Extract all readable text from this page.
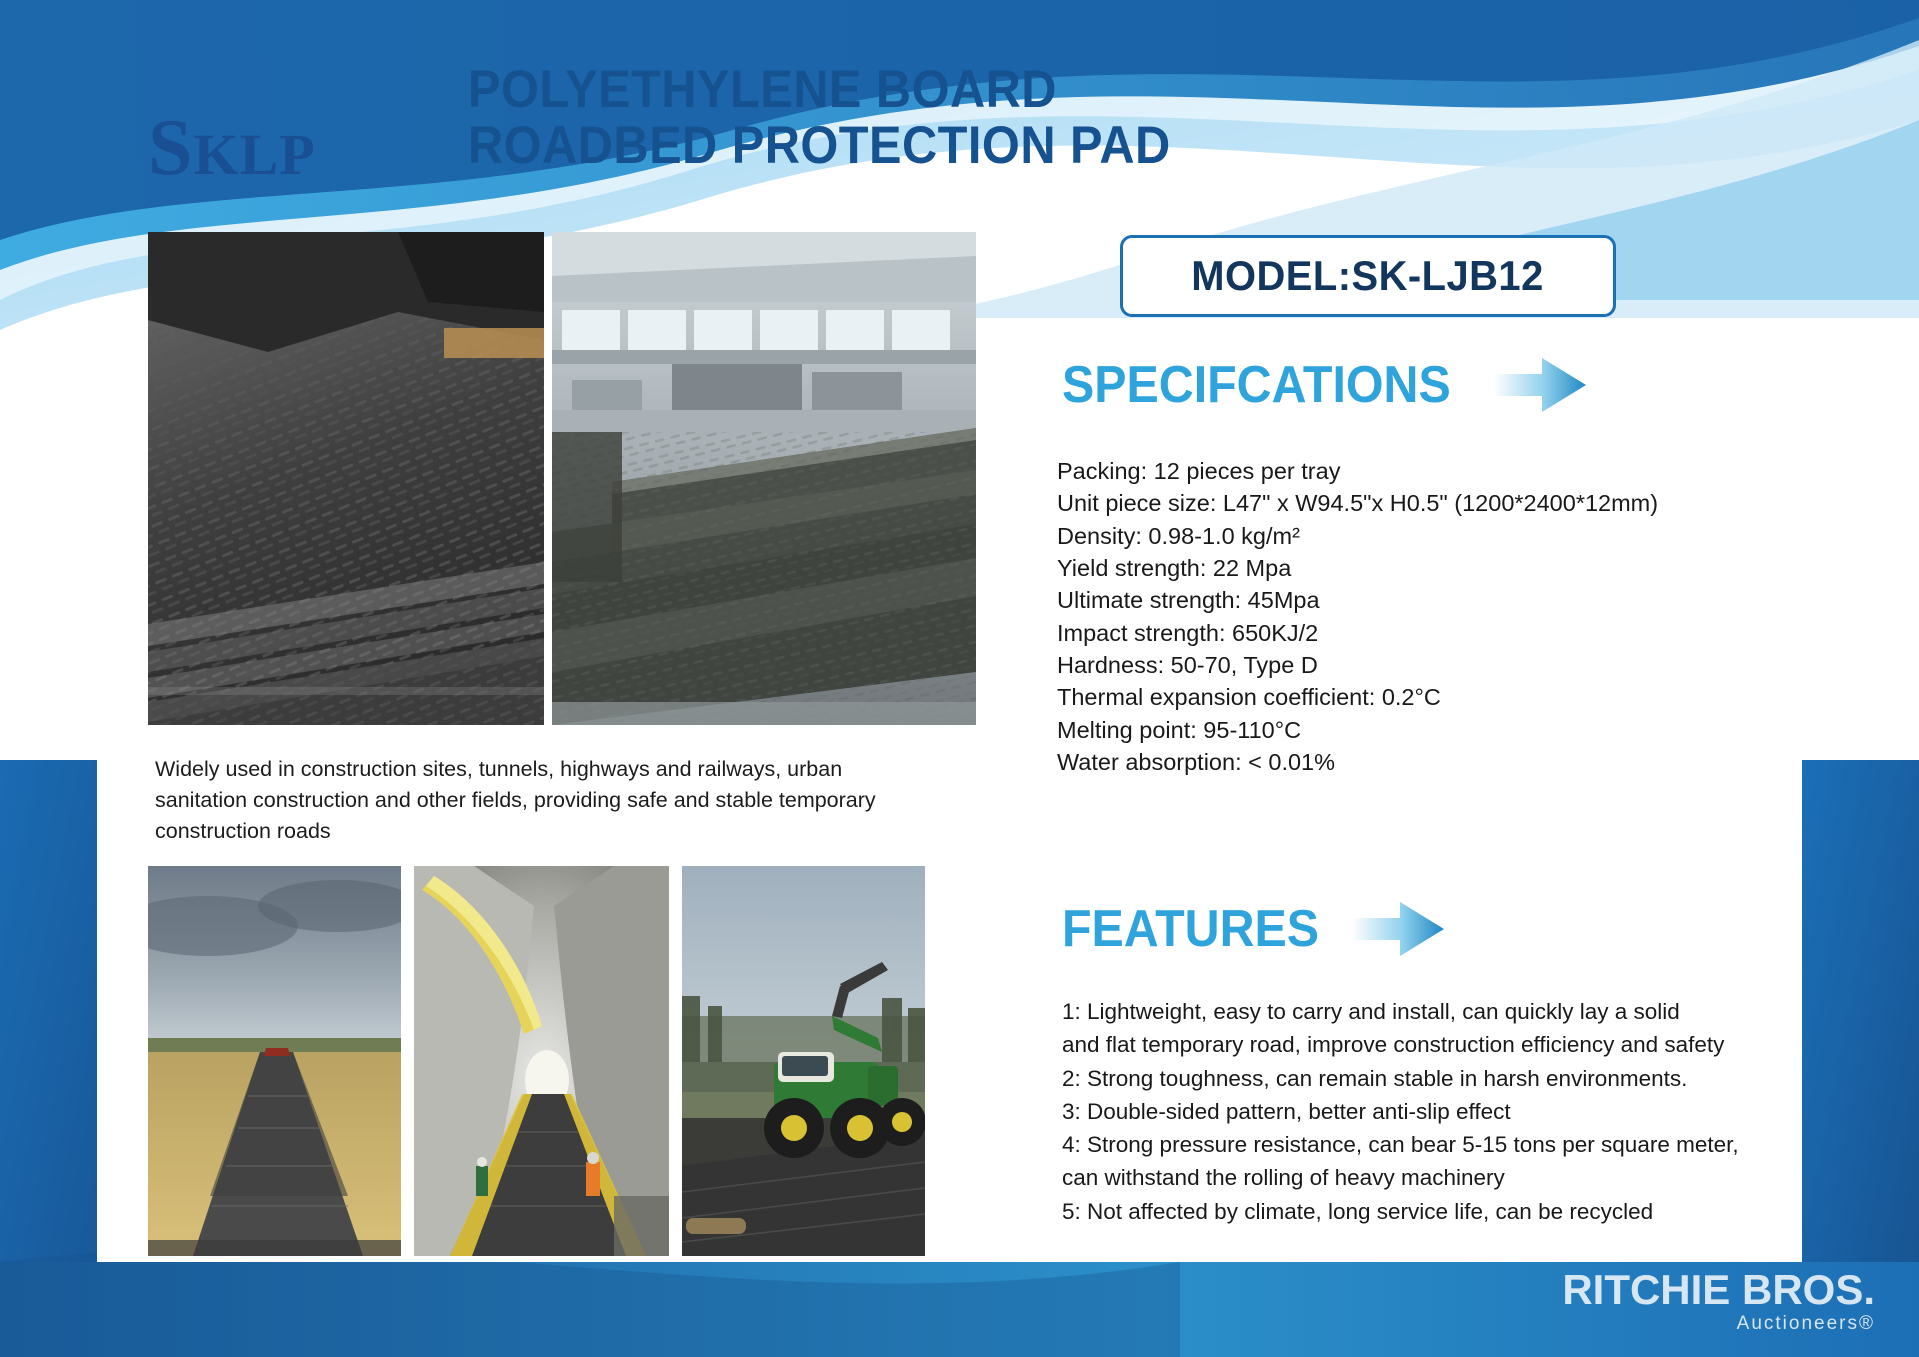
SKLP
POLYETHYLENE BOARD
ROADBED PROTECTION PAD
Widely used in construction sites, tunnels, highways and railways, urban sanitation construction and other fields, providing safe and stable temporary construction roads
MODEL:SK-LJB12
SPECIFCATIONS
Packing: 12 pieces per tray
Unit piece size: L47" x W94.5"x H0.5" (1200*2400*12mm)
Density: 0.98-1.0 kg/m²
Yield strength: 22 Mpa
Ultimate strength: 45Mpa
Impact strength: 650KJ/2
Hardness: 50-70, Type D
Thermal expansion coefficient: 0.2°C
Melting point: 95-110°C
Water absorption: < 0.01%
FEATURES
1: Lightweight, easy to carry and install, can quickly lay a solid
and flat temporary road, improve construction efficiency and safety
2: Strong toughness, can remain stable in harsh environments.
3: Double-sided pattern, better anti-slip effect
4: Strong pressure resistance, can bear 5-15 tons per square meter,
can withstand the rolling of heavy machinery
5: Not affected by climate, long service life, can be recycled
RITCHIE BROS.
Auctioneers®
